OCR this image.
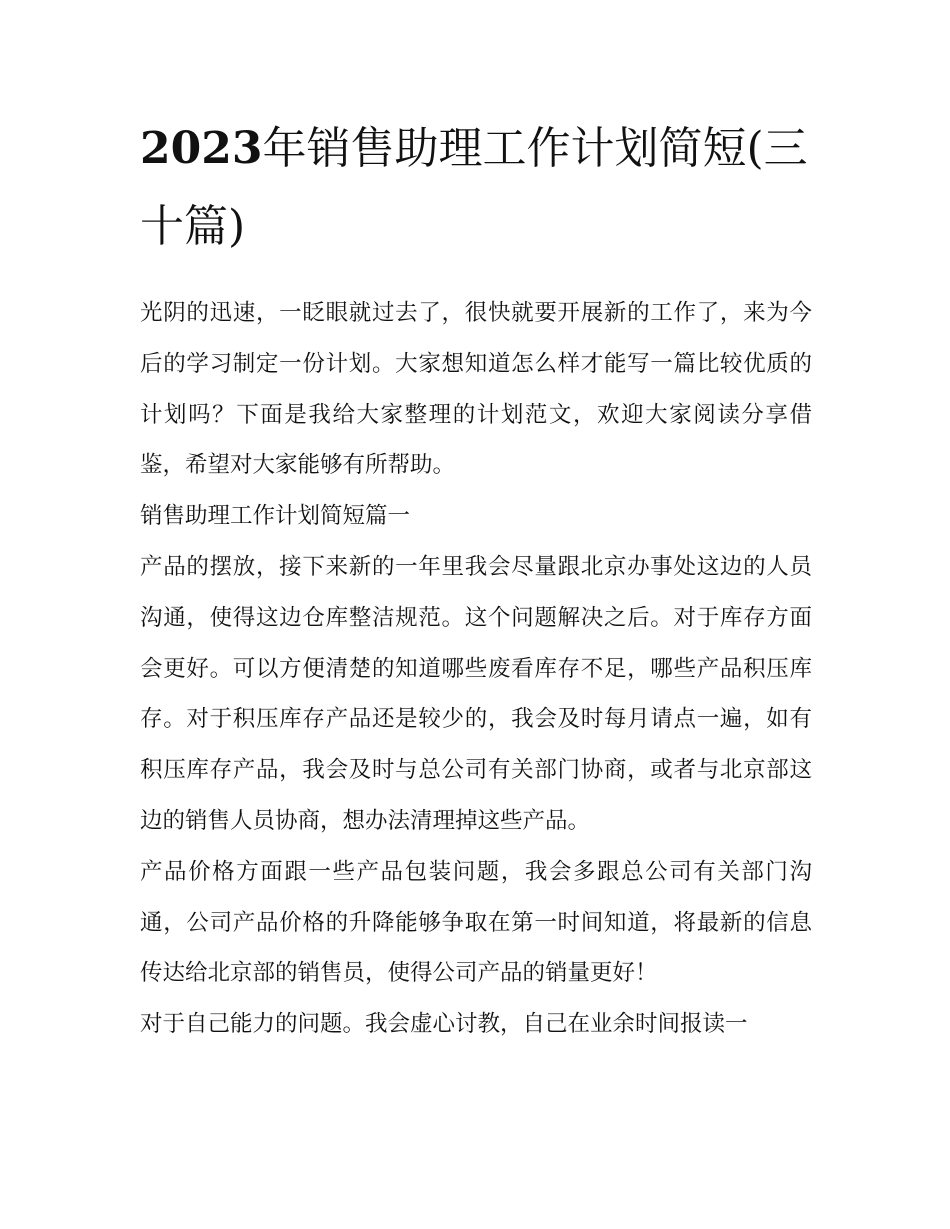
2023年销售助理工作计划简短(三十篇)

光阴的迅速，一眨眼就过去了，很快就要开展新的工作了，来为今后的学习制定一份计划。大家想知道怎么样才能写一篇比较优质的计划吗？下面是我给大家整理的计划范文，欢迎大家阅读分享借鉴，希望对大家能够有所帮助。

销售助理工作计划简短篇一

产品的摆放，接下来新的一年里我会尽量跟北京办事处这边的人员沟通，使得这边仓库整洁规范。这个问题解决之后。对于库存方面会更好。可以方便清楚的知道哪些废看库存不足，哪些产品积压库存。对于积压库存产品还是较少的，我会及时每月请点一遍，如有积压库存产品，我会及时与总公司有关部门协商，或者与北京部这边的销售人员协商，想办法清理掉这些产品。

产品价格方面跟一些产品包装问题，我会多跟总公司有关部门沟通，公司产品价格的升降能够争取在第一时间知道，将最新的信息传达给北京部的销售员，使得公司产品的销量更好！

对于自己能力的问题。我会虚心讨教，自己在业余时间报读一
